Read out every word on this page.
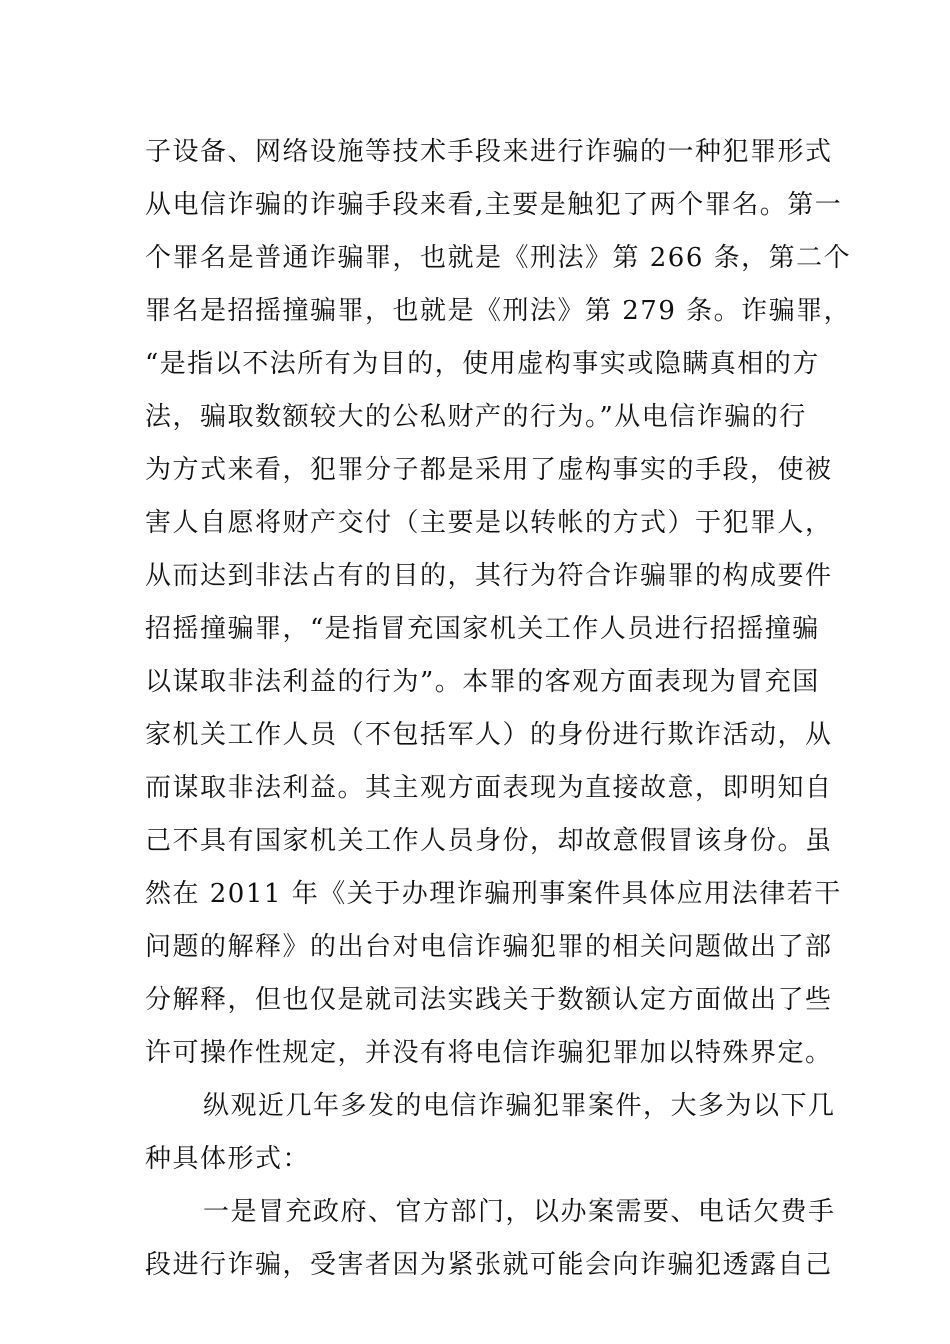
子设备、网络设施等技术手段来进行诈骗的一种犯罪形式
从电信诈骗的诈骗手段来看,主要是触犯了两个罪名。第一
个罪名是普通诈骗罪，也就是《刑法》第 266 条，第二个
罪名是招摇撞骗罪，也就是《刑法》第 279 条。诈骗罪，
“是指以不法所有为目的，使用虚构事实或隐瞒真相的方
法，骗取数额较大的公私财产的行为。”从电信诈骗的行
为方式来看，犯罪分子都是采用了虚构事实的手段，使被
害人自愿将财产交付（主要是以转帐的方式）于犯罪人，
从而达到非法占有的目的，其行为符合诈骗罪的构成要件
招摇撞骗罪，“是指冒充国家机关工作人员进行招摇撞骗
以谋取非法利益的行为”。本罪的客观方面表现为冒充国
家机关工作人员（不包括军人）的身份进行欺诈活动，从
而谋取非法利益。其主观方面表现为直接故意，即明知自
己不具有国家机关工作人员身份，却故意假冒该身份。虽
然在 2011 年《关于办理诈骗刑事案件具体应用法律若干
问题的解释》的出台对电信诈骗犯罪的相关问题做出了部
分解释，但也仅是就司法实践关于数额认定方面做出了些
许可操作性规定，并没有将电信诈骗犯罪加以特殊界定。
纵观近几年多发的电信诈骗犯罪案件，大多为以下几
种具体形式：
一是冒充政府、官方部门，以办案需要、电话欠费手
段进行诈骗，受害者因为紧张就可能会向诈骗犯透露自己
